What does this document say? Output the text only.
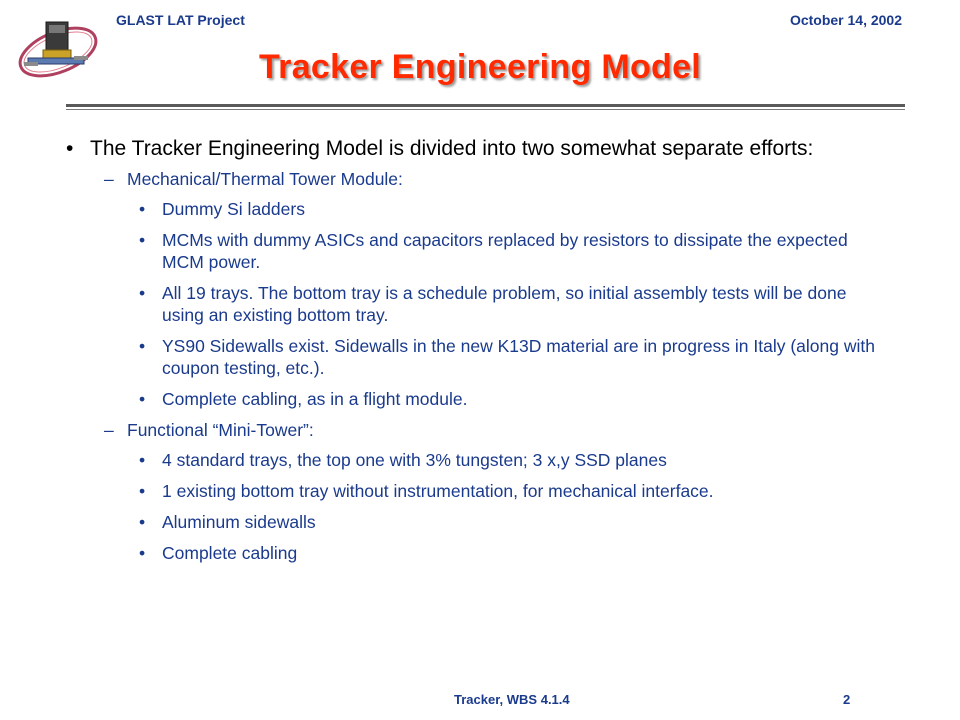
GLAST LAT Project	October 14, 2002
Tracker Engineering Model
• The Tracker Engineering Model is divided into two somewhat separate efforts:
– Mechanical/Thermal Tower Module:
• Dummy Si ladders
• MCMs with dummy ASICs and capacitors replaced by resistors to dissipate the expected MCM power.
• All 19 trays. The bottom tray is a schedule problem, so initial assembly tests will be done using an existing bottom tray.
• YS90 Sidewalls exist. Sidewalls in the new K13D material are in progress in Italy (along with coupon testing, etc.).
• Complete cabling, as in a flight module.
– Functional “Mini-Tower”:
• 4 standard trays, the top one with 3% tungsten; 3 x,y SSD planes
• 1 existing bottom tray without instrumentation, for mechanical interface.
• Aluminum sidewalls
• Complete cabling
Tracker, WBS 4.1.4	2
